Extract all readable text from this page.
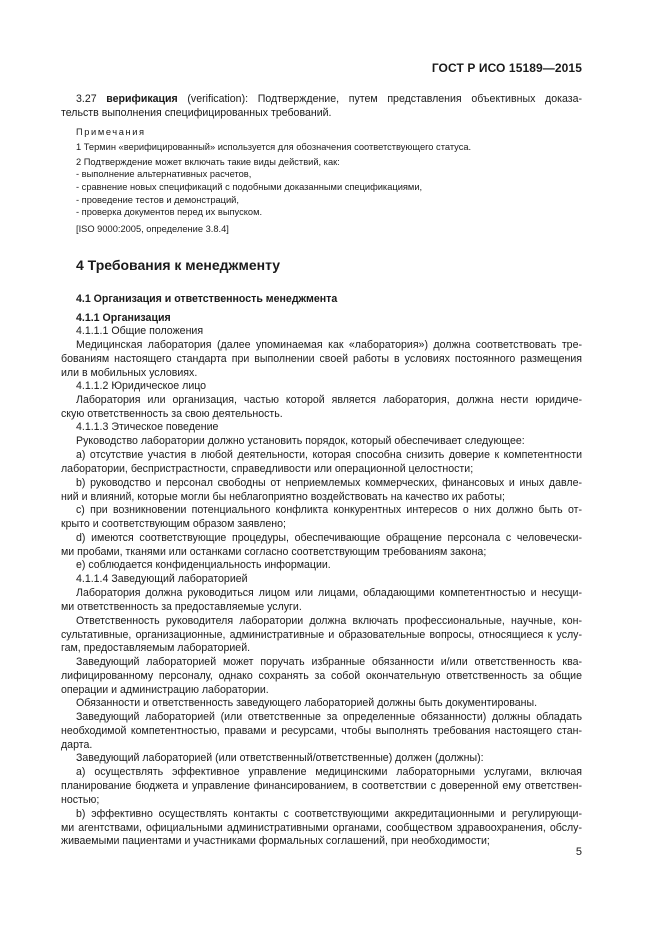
ГОСТ Р ИСО 15189—2015
3.27 верификация (verification): Подтверждение, путем представления объективных доказа-
тельств выполнения специфицированных требований.
Примечания
1 Термин «верифицированный» используется для обозначения соответствующего статуса.
2 Подтверждение может включать такие виды действий, как:
- выполнение альтернативных расчетов,
- сравнение новых спецификаций с подобными доказанными спецификациями,
- проведение тестов и демонстраций,
- проверка документов перед их выпуском.
[ISO 9000:2005, определение 3.8.4]
4 Требования к менеджменту
4.1 Организация и ответственность менеджмента
4.1.1 Организация
4.1.1.1 Общие положения
Медицинская лаборатория (далее упоминаемая как «лаборатория») должна соответствовать тре-
бованиям настоящего стандарта при выполнении своей работы в условиях постоянного размещения
или в мобильных условиях.
4.1.1.2 Юридическое лицо
Лаборатория или организация, частью которой является лаборатория, должна нести юридиче-
скую ответственность за свою деятельность.
4.1.1.3 Этическое поведение
Руководство лаборатории должно установить порядок, который обеспечивает следующее:
а) отсутствие участия в любой деятельности, которая способна снизить доверие к компетентности
лаборатории, беспристрастности, справедливости или операционной целостности;
b) руководство и персонал свободны от неприемлемых коммерческих, финансовых и иных давле-
ний и влияний, которые могли бы неблагоприятно воздействовать на качество их работы;
c) при возникновении потенциального конфликта конкурентных интересов о них должно быть от-
крыто и соответствующим образом заявлено;
d) имеются соответствующие процедуры, обеспечивающие обращение персонала с человечески-
ми пробами, тканями или останками согласно соответствующим требованиям закона;
e) соблюдается конфиденциальность информации.
4.1.1.4 Заведующий лабораторией
Лаборатория должна руководиться лицом или лицами, обладающими компетентностью и несущи-
ми ответственность за предоставляемые услуги.
Ответственность руководителя лаборатории должна включать профессиональные, научные, кон-
сультативные, организационные, административные и образовательные вопросы, относящиеся к услу-
гам, предоставляемым лабораторией.
Заведующий лабораторией может поручать избранные обязанности и/или ответственность ква-
лифицированному персоналу, однако сохранять за собой окончательную ответственность за общие
операции и администрацию лаборатории.
Обязанности и ответственность заведующего лабораторией должны быть документированы.
Заведующий лабораторией (или ответственные за определенные обязанности) должны обладать
необходимой компетентностью, правами и ресурсами, чтобы выполнять требования настоящего стан-
дарта.
Заведующий лабораторией (или ответственный/ответственные) должен (должны):
а) осуществлять эффективное управление медицинскими лабораторными услугами, включая
планирование бюджета и управление финансированием, в соответствии с доверенной ему ответствен-
ностью;
b) эффективно осуществлять контакты с соответствующими аккредитационными и регулирующи-
ми агентствами, официальными административными органами, сообществом здравоохранения, обслу-
живаемыми пациентами и участниками формальных соглашений, при необходимости;
5
